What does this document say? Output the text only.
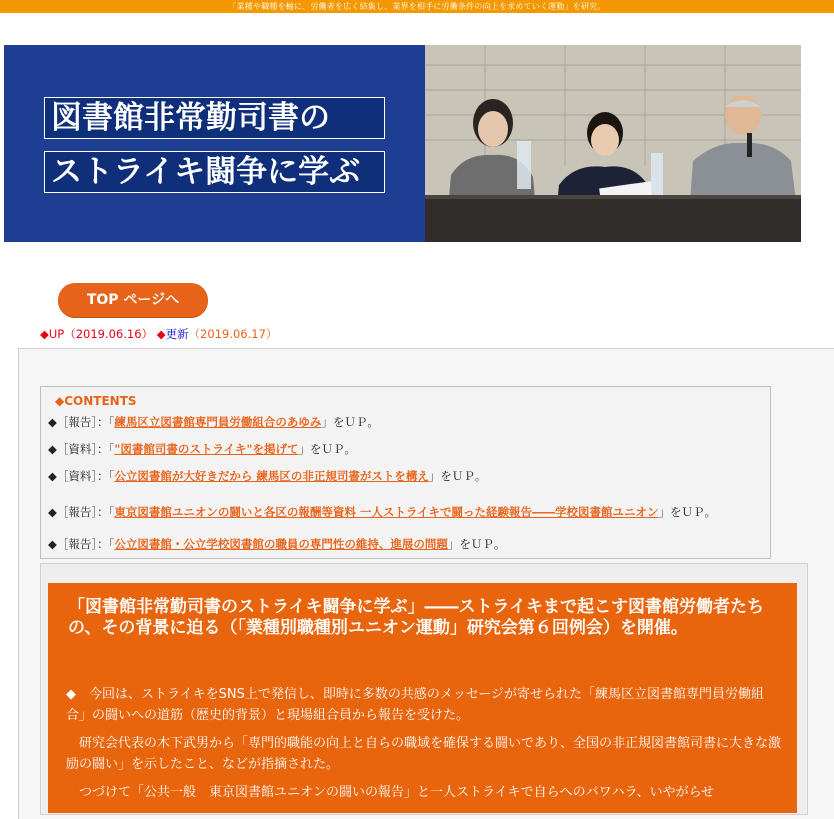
「業種や職種を軸に、労働者を広く結集し、業界を相手に労働条件の向上を求めていく運動」を研究。
図書館非常勤司書の
ストライキ闘争に学ぶ
TOP ページへ
◆UP（2019.06.16） ◆更新（2019.06.17）
◆CONTENTS
◆［報告］：「練馬区立図書館専門員労働組合のあゆみ」をＵＰ。
◆［資料］：「"図書館司書のストライキ"を掲げて」をＵＰ。
◆［資料］：「公立図書館が大好きだから 練馬区の非正規司書がストを構え」をＵＰ。
◆［報告］：「東京図書館ユニオンの闘いと各区の報酬等資料 一人ストライキで闘った経験報告――学校図書館ユニオン」をＵＰ。
◆［報告］：「公立図書館・公立学校図書館の職員の専門性の維持、進展の問題」をＵＰ。
「図書館非常勤司書のストライキ闘争に学ぶ」――ストライキまで起こす図書館労働者たちの、その背景に迫る（「業種別職種別ユニオン運動」研究会第６回例会）を開催。
◆　今回は、ストライキをSNS上で発信し、即時に多数の共感のメッセージが寄せられた「練馬区立図書館専門員労働組合」の闘いへの道筋（歴史的背景）と現場組合員から報告を受けた。
　研究会代表の木下武男から「専門的職能の向上と自らの職域を確保する闘いであり、全国の非正規図書館司書に大きな激励の闘い」を示したこと、などが指摘された。
　つづけて「公共一般　東京図書館ユニオンの闘いの報告」と一人ストライキで自らへのパワハラ、いやがらせ
